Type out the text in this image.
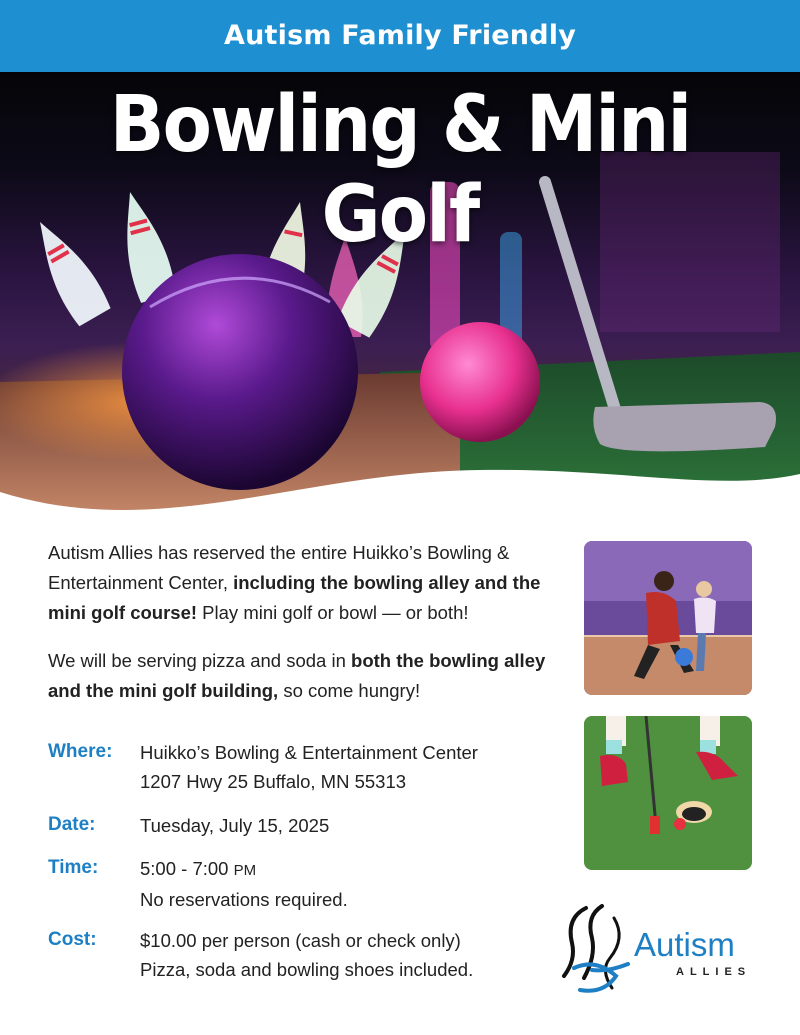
Autism Family Friendly
Bowling & Mini Golf
Autism Allies has reserved the entire Huikko’s Bowling & Entertainment Center, including the bowling alley and the mini golf course! Play mini golf or bowl — or both!
We will be serving pizza and soda in both the bowling alley and the mini golf building, so come hungry!
Where: Huikko’s Bowling & Entertainment Center
1207 Hwy 25 Buffalo, MN 55313
Date: Tuesday, July 15, 2025
Time: 5:00 - 7:00 PM
No reservations required.
Cost: $10.00 per person (cash or check only)
Pizza, soda and bowling shoes included.
Autism
ALLIES
